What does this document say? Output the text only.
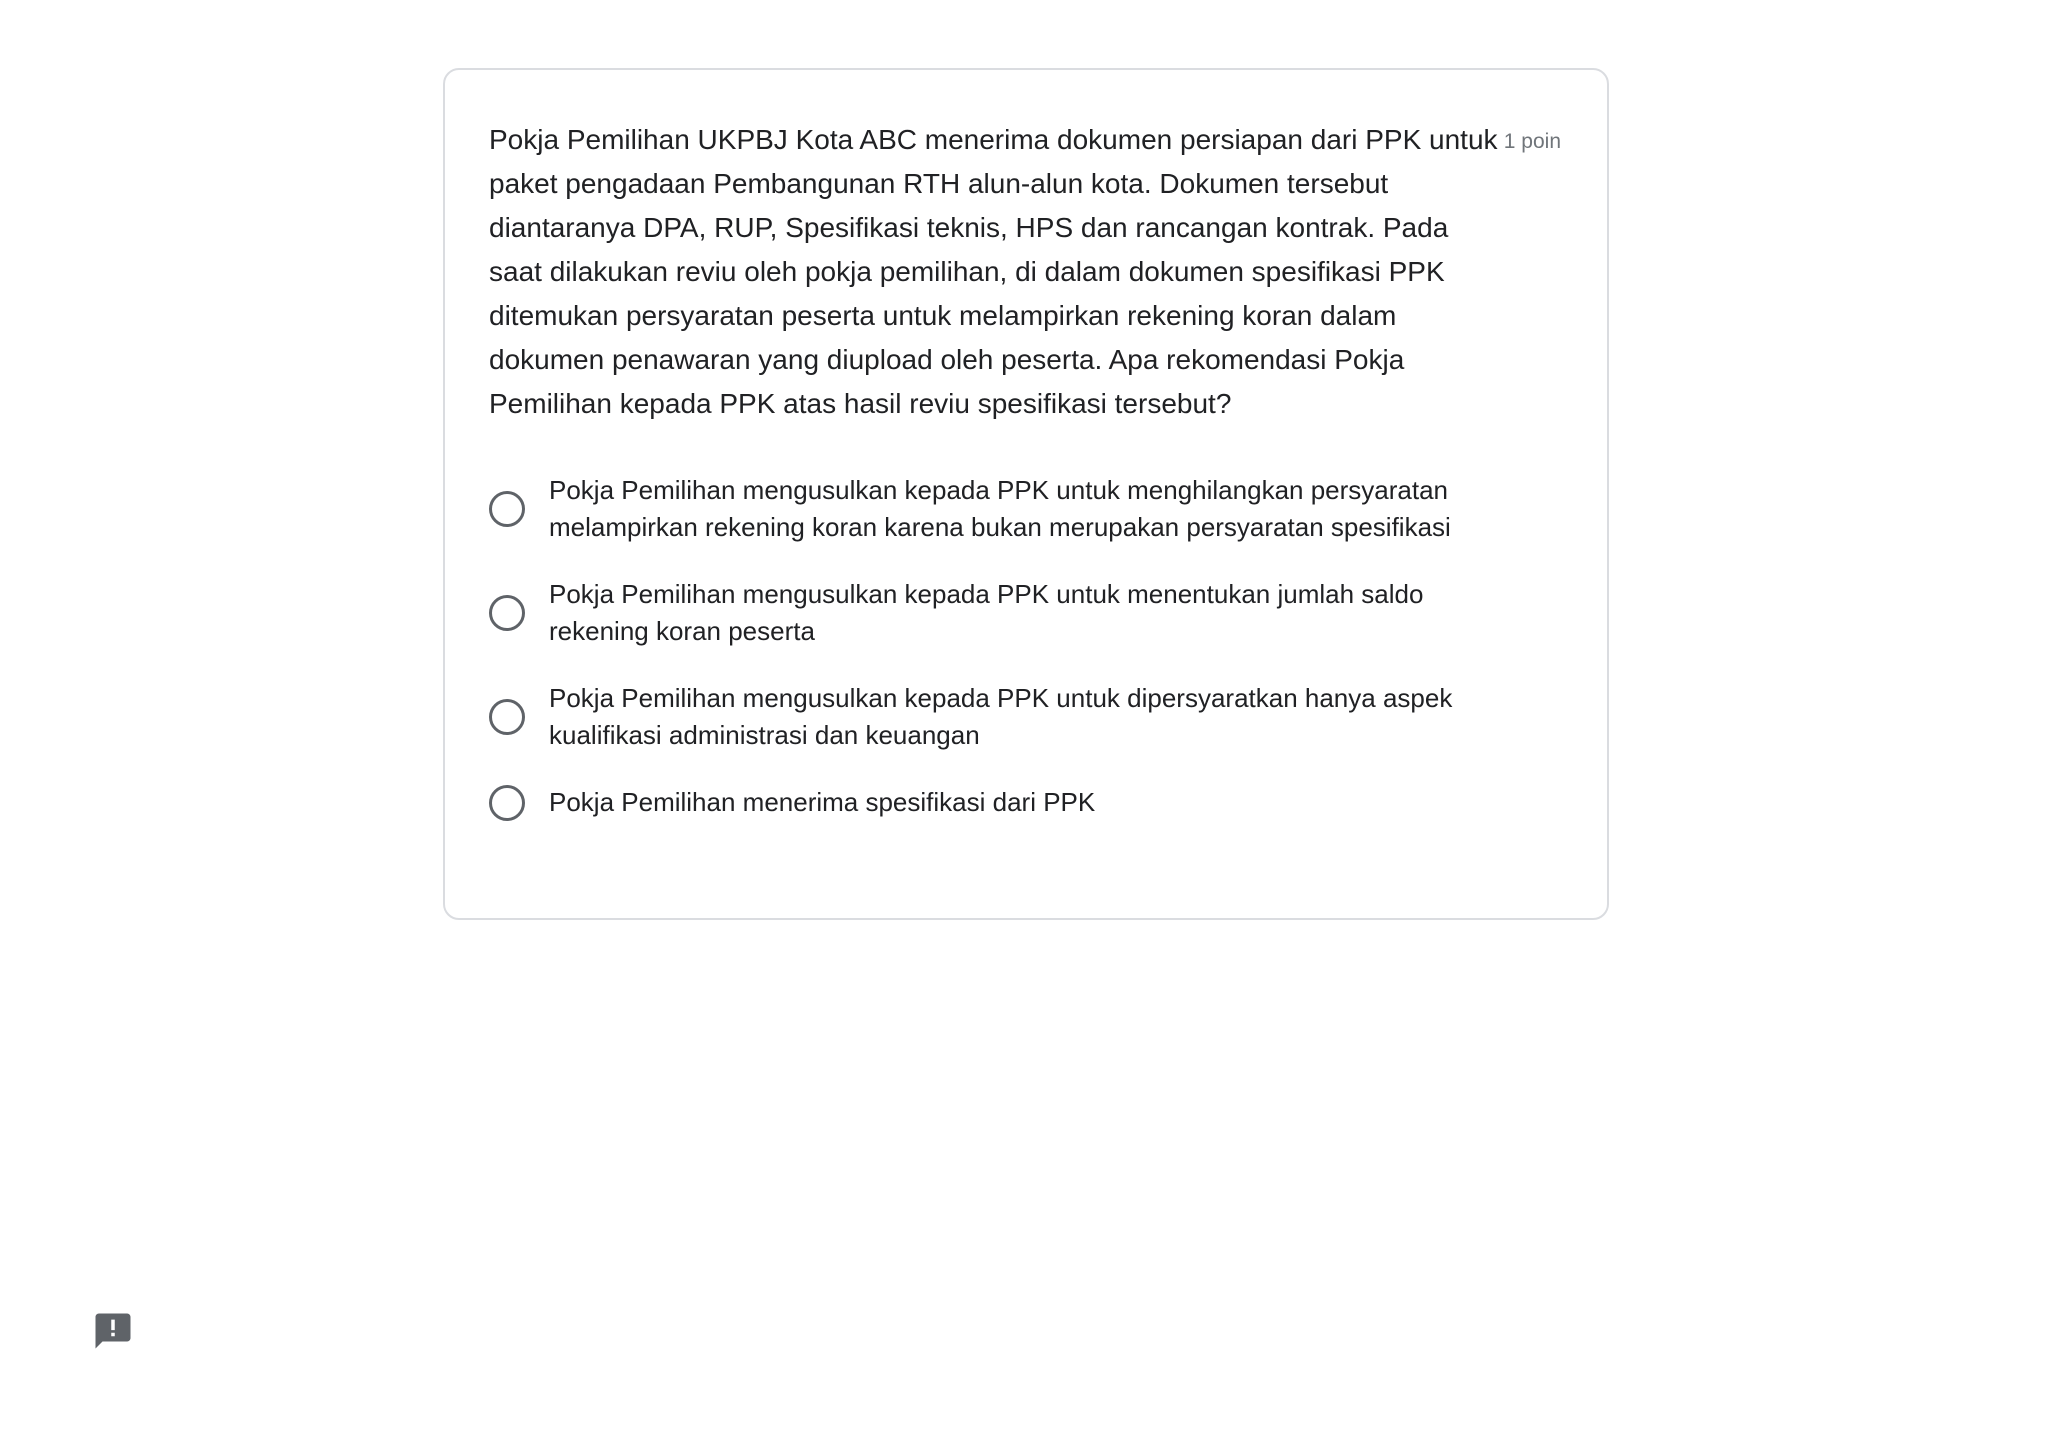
Pokja Pemilihan UKPBJ Kota ABC menerima dokumen persiapan dari PPK untuk paket pengadaan Pembangunan RTH alun-alun kota. Dokumen tersebut diantaranya DPA, RUP, Spesifikasi teknis, HPS dan rancangan kontrak. Pada saat dilakukan reviu oleh pokja pemilihan, di dalam dokumen spesifikasi PPK ditemukan persyaratan peserta untuk melampirkan rekening koran dalam dokumen penawaran yang diupload oleh peserta. Apa rekomendasi Pokja Pemilihan kepada PPK atas hasil reviu spesifikasi tersebut?
1 poin
Pokja Pemilihan mengusulkan kepada PPK untuk menghilangkan persyaratan melampirkan rekening koran karena bukan merupakan persyaratan spesifikasi
Pokja Pemilihan mengusulkan kepada PPK untuk menentukan jumlah saldo rekening koran peserta
Pokja Pemilihan mengusulkan kepada PPK untuk dipersyaratkan hanya aspek kualifikasi administrasi dan keuangan
Pokja Pemilihan menerima spesifikasi dari PPK
